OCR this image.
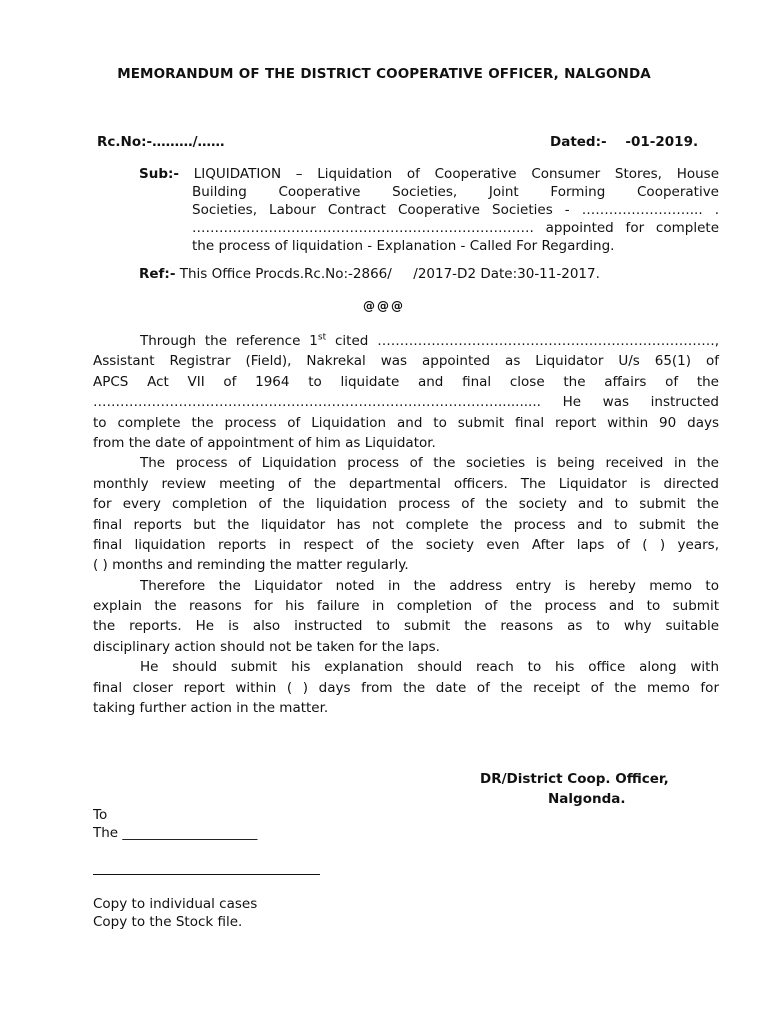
MEMORANDUM OF THE DISTRICT COOPERATIVE OFFICER, NALGONDA
Rc.No:-………/……	Dated:-    -01-2019.
Sub:- LIQUIDATION – Liquidation of Cooperative Consumer Stores, House
Building Cooperative Societies, Joint Forming Cooperative
Societies, Labour Contract Cooperative Societies - ……………………... .
…………………………………………………………………. appointed for complete
the process of liquidation - Explanation - Called For Regarding.
Ref:- This Office Procds.Rc.No:-2866/     /2017-D2 Date:30-11-2017.
@@@
Through the reference 1st cited …………………………………………………………………,
Assistant Registrar (Field), Nakrekal was appointed as Liquidator U/s 65(1) of
APCS Act VII of 1964 to liquidate and final close the affairs of the
……………………………………………………………………………….......... He was instructed
to complete the process of Liquidation and to submit final report within 90 days
from the date of appointment of him as Liquidator.
The process of Liquidation process of the societies is being received in the
monthly review meeting of the departmental officers. The Liquidator is directed
for every completion of the liquidation process of the society and to submit the
final reports but the liquidator has not complete the process and to submit the
final liquidation reports in respect of the society even After laps of ( ) years,
( ) months and reminding the matter regularly.
Therefore the Liquidator noted in the address entry is hereby memo to
explain the reasons for his failure in completion of the process and to submit
the reports. He is also instructed to submit the reasons as to why suitable
disciplinary action should not be taken for the laps.
He should submit his explanation should reach to his office along with
final closer report within ( ) days from the date of the receipt of the memo for
taking further action in the matter.
DR/District Coop. Officer,
Nalgonda.
To
The ____________________
Copy to individual cases
Copy to the Stock file.
